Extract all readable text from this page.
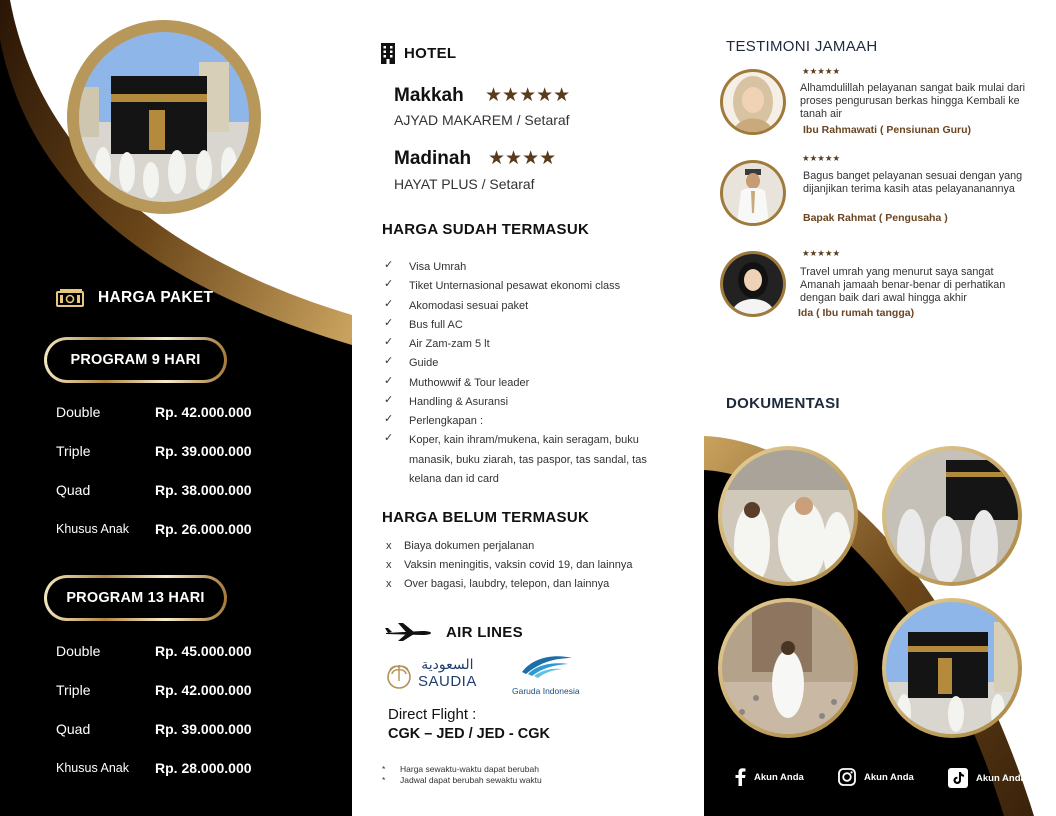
HARGA PAKET
PROGRAM 9 HARI
Double	Rp. 42.000.000
Triple	Rp. 39.000.000
Quad	Rp. 38.000.000
Khusus Anak	Rp. 26.000.000
PROGRAM 13 HARI
Double	Rp. 45.000.000
Triple	Rp. 42.000.000
Quad	Rp. 39.000.000
Khusus Anak	Rp. 28.000.000
HOTEL
Makkah ★★★★★
AJYAD MAKAREM / Setaraf
Madinah ★★★★
HAYAT PLUS / Setaraf
HARGA SUDAH TERMASUK
✓ Visa Umrah
✓ Tiket Unternasional pesawat ekonomi class
✓ Akomodasi sesuai paket
✓ Bus full AC
✓ Air Zam-zam 5 lt
✓ Guide
✓ Muthowwif & Tour leader
✓ Handling & Asuransi
✓ Perlengkapan :
✓ Koper, kain ihram/mukena, kain seragam, buku manasik, buku ziarah, tas paspor, tas sandal, tas kelana dan id card
HARGA BELUM TERMASUK
x Biaya dokumen perjalanan
x Vaksin meningitis, vaksin covid 19, dan lainnya
x Over bagasi, laubdry, telepon, dan lainnya
AIR LINES
السعودية
SAUDIA
Garuda Indonesia
Direct Flight :
CGK – JED / JED - CGK
* Harga sewaktu-waktu dapat berubah
* Jadwal dapat berubah sewaktu waktu
TESTIMONI JAMAAH
★★★★★
Alhamdulillah pelayanan sangat baik mulai dari proses pengurusan berkas hingga Kembali ke tanah air
Ibu Rahmawati ( Pensiunan Guru)
★★★★★
Bagus banget pelayanan sesuai dengan yang dijanjikan terima kasih atas pelayananannya
Bapak Rahmat ( Pengusaha )
★★★★★
Travel umrah yang menurut saya sangat Amanah jamaah benar-benar di perhatikan dengan baik dari awal hingga akhir
Ida ( Ibu rumah tangga)
DOKUMENTASI
Akun Anda	Akun Anda	Akun Anda
